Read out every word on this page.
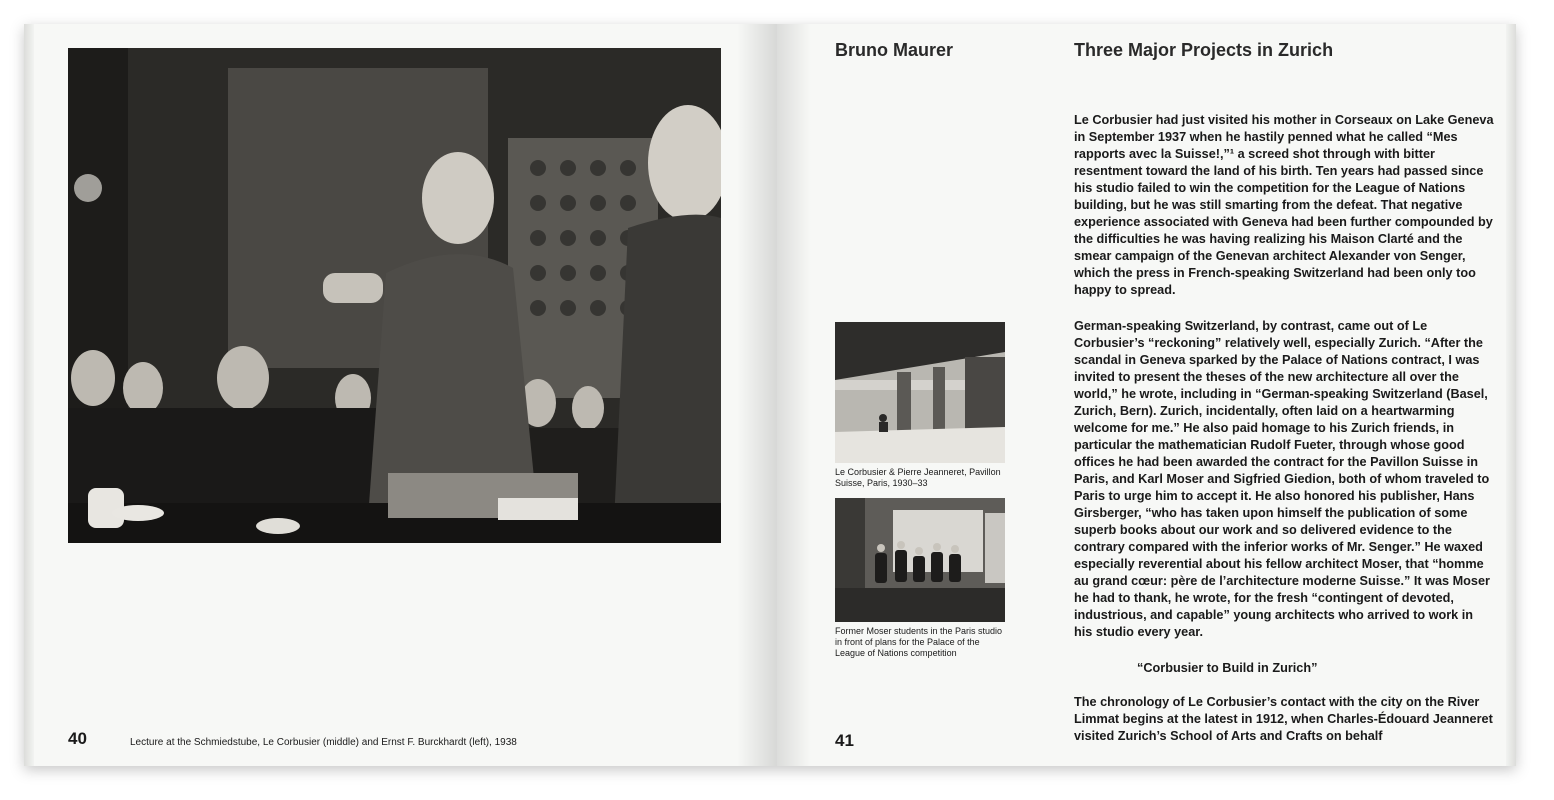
40	Lecture at the Schmiedstube, Le Corbusier (middle) and Ernst F. Burckhardt (left), 1938
Bruno Maurer	Three Major Projects in Zurich

Le Corbusier had just visited his mother in Corseaux on Lake Geneva in September 1937 when he hastily penned what he called “Mes rapports avec la Suisse!,”¹ a screed shot through with bitter resentment toward the land of his birth. Ten years had passed since his studio failed to win the competition for the League of Nations building, but he was still smarting from the defeat. That negative experience associated with Geneva had been further compounded by the difficulties he was having realizing his Maison Clarté and the smear campaign of the Genevan architect Alexander von Senger, which the press in French-speaking Switzerland had been only too happy to spread.

German-speaking Switzerland, by contrast, came out of Le Corbusier’s “reckoning” relatively well, especially Zurich. “After the scandal in Geneva sparked by the Palace of Nations contract, I was invited to present the theses of the new architecture all over the world,” he wrote, including in “German-speaking Switzerland (Basel, Zurich, Bern). Zurich, incidentally, often laid on a heartwarming welcome for me.” He also paid homage to his Zurich friends, in particular the mathematician Rudolf Fueter, through whose good offices he had been awarded the contract for the Pavillon Suisse in Paris, and Karl Moser and Sigfried Giedion, both of whom traveled to Paris to urge him to accept it. He also honored his publisher, Hans Girsberger, “who has taken upon himself the publication of some superb books about our work and so delivered evidence to the contrary compared with the inferior works of Mr. Senger.” He waxed especially reverential about his fellow architect Moser, that “homme au grand cœur: père de l’architecture moderne Suisse.” It was Moser he had to thank, he wrote, for the fresh “contingent of devoted, industrious, and capable” young architects who arrived to work in his studio every year.

“Corbusier to Build in Zurich”

The chronology of Le Corbusier’s contact with the city on the River Limmat begins at the latest in 1912, when Charles-Édouard Jeanneret visited Zurich’s School of Arts and Crafts on behalf

Le Corbusier & Pierre Jeanneret, Pavillon Suisse, Paris, 1930–33
Former Moser students in the Paris studio in front of plans for the Palace of the League of Nations competition
41
